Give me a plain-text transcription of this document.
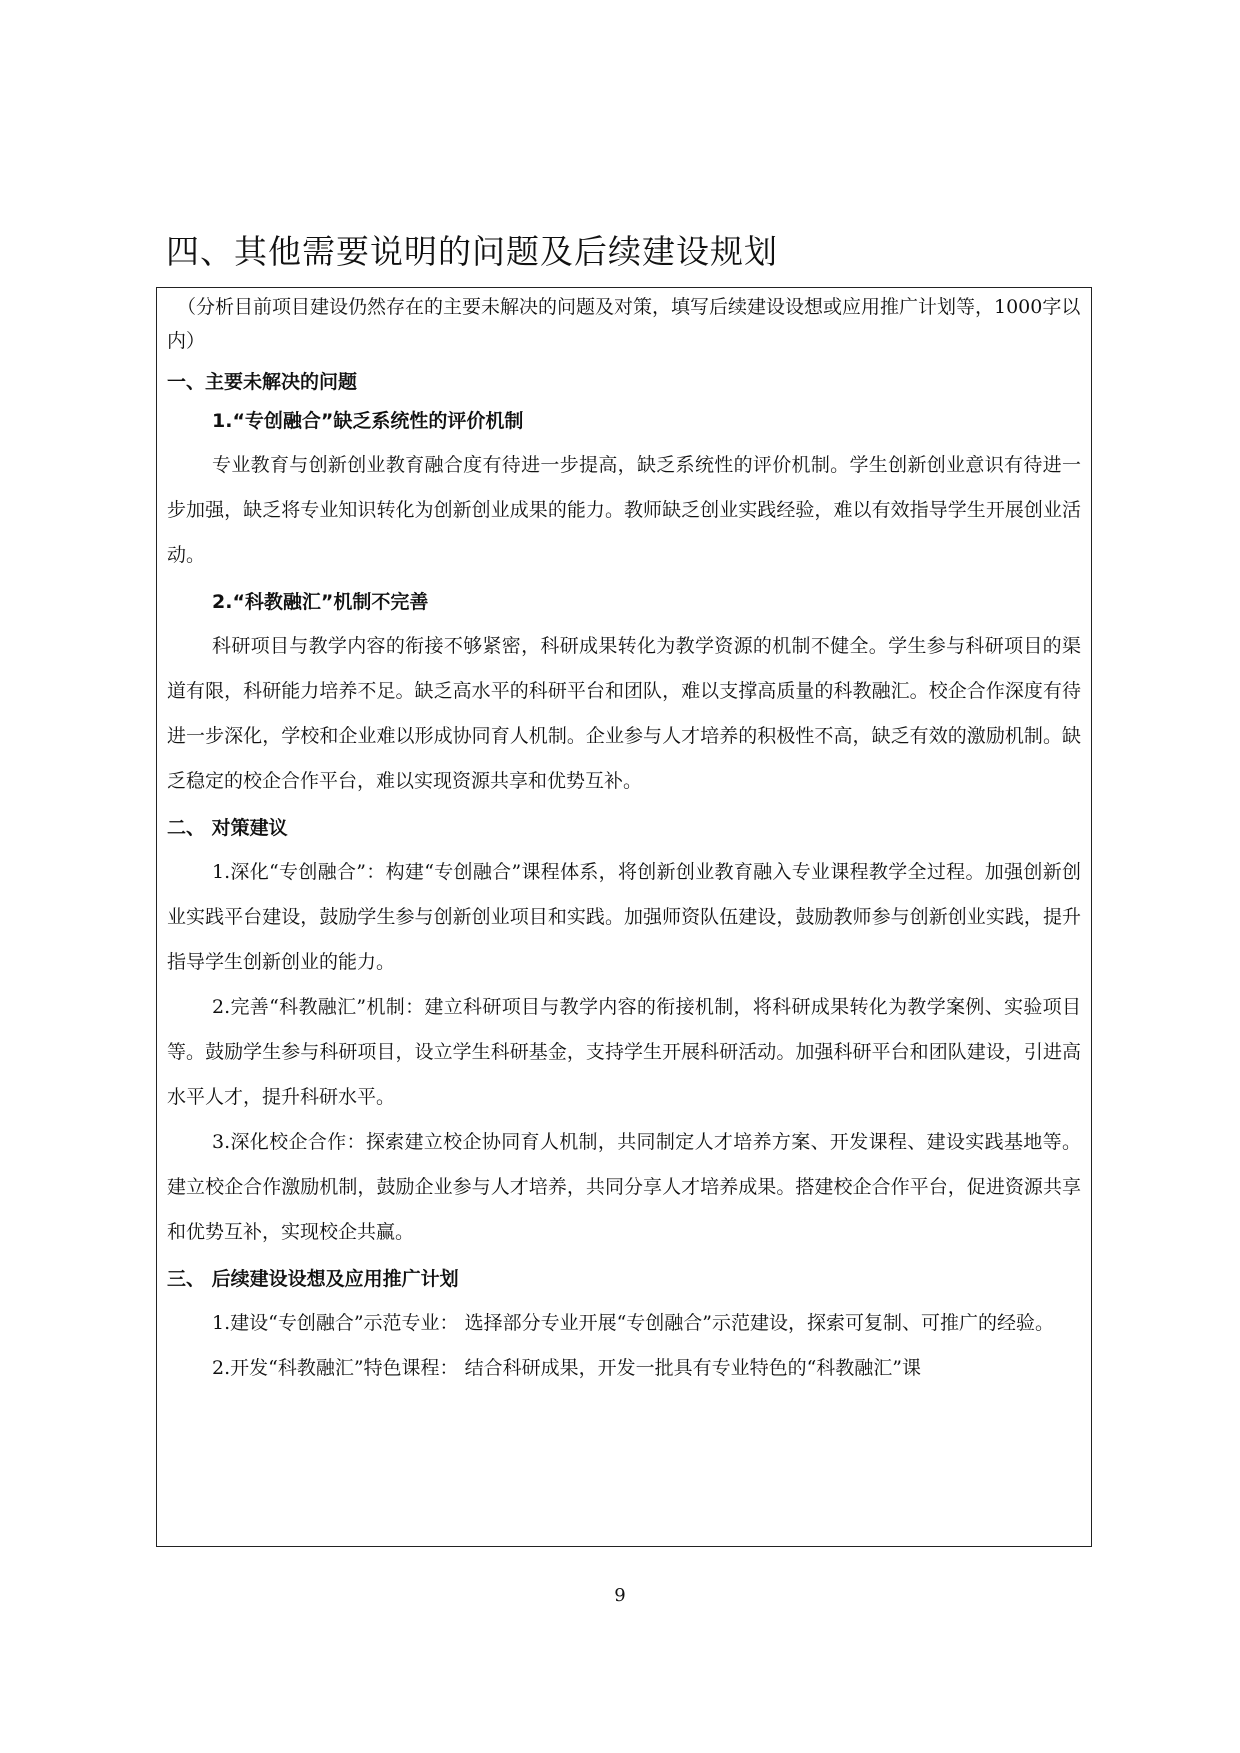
四、其他需要说明的问题及后续建设规划
（分析目前项目建设仍然存在的主要未解决的问题及对策，填写后续建设设想或应用推广计划等，1000字以内）
一、主要未解决的问题
1.“专创融合”缺乏系统性的评价机制

专业教育与创新创业教育融合度有待进一步提高，缺乏系统性的评价机制。学生创新创业意识有待进一步加强，缺乏将专业知识转化为创新创业成果的能力。教师缺乏创业实践经验，难以有效指导学生开展创业活动。

2.“科教融汇”机制不完善

科研项目与教学内容的衔接不够紧密，科研成果转化为教学资源的机制不健全。学生参与科研项目的渠道有限，科研能力培养不足。缺乏高水平的科研平台和团队，难以支撑高质量的科教融汇。校企合作深度有待进一步深化，学校和企业难以形成协同育人机制。企业参与人才培养的积极性不高，缺乏有效的激励机制。缺乏稳定的校企合作平台，难以实现资源共享和优势互补。

二、 对策建议

1.深化“专创融合”：构建“专创融合”课程体系，将创新创业教育融入专业课程教学全过程。加强创新创业实践平台建设，鼓励学生参与创新创业项目和实践。加强师资队伍建设，鼓励教师参与创新创业实践，提升指导学生创新创业的能力。

2.完善“科教融汇”机制：建立科研项目与教学内容的衔接机制，将科研成果转化为教学案例、实验项目等。鼓励学生参与科研项目，设立学生科研基金，支持学生开展科研活动。加强科研平台和团队建设，引进高水平人才，提升科研水平。

3.深化校企合作：探索建立校企协同育人机制，共同制定人才培养方案、开发课程、建设实践基地等。建立校企合作激励机制，鼓励企业参与人才培养，共同分享人才培养成果。搭建校企合作平台，促进资源共享和优势互补，实现校企共赢。

三、 后续建设设想及应用推广计划

1.建设“专创融合”示范专业： 选择部分专业开展“专创融合”示范建设，探索可复制、可推广的经验。

2.开发“科教融汇”特色课程： 结合科研成果，开发一批具有专业特色的“科教融汇”课

9
